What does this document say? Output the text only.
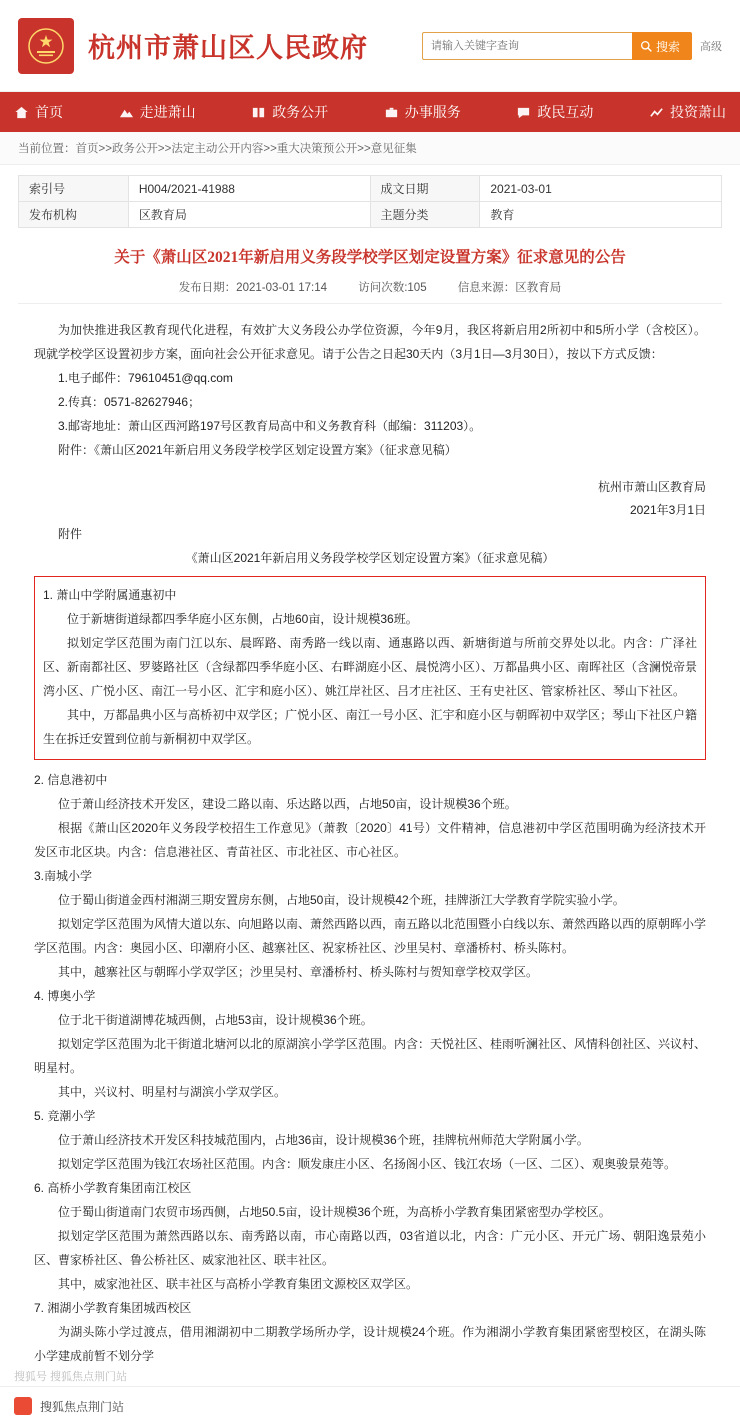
杭州市萧山区人民政府
请输入关键字查询	搜索 高级
首页	走进萧山	政务公开	办事服务	政民互动	投资萧山
当前位置：首页>>政务公开>>法定主动公开内容>>重大决策预公开>>意见征集
索引号	H004/2021-41988	成文日期	2021-03-01
发布机构	区教育局	主题分类	教育
关于《萧山区2021年新启用义务段学校学区划定设置方案》征求意见的公告
发布日期：2021-03-01 17:14	访问次数:105	信息来源：区教育局

为加快推进我区教育现代化进程，有效扩大义务段公办学位资源，今年9月，我区将新启用2所初中和5所小学（含校区）。现就学校学区设置初步方案，面向社会公开征求意见。请于公告之日起30天内（3月1日—3月30日），按以下方式反馈：

1.电子邮件：79610451@qq.com

2.传真：0571-82627946；

3.邮寄地址：萧山区西河路197号区教育局高中和义务教育科（邮编：311203）。

附件：《萧山区2021年新启用义务段学校学区划定设置方案》（征求意见稿）

杭州市萧山区教育局

2021年3月1日

附件

《萧山区2021年新启用义务段学校学区划定设置方案》（征求意见稿）

1. 萧山中学附属通惠初中

位于新塘街道绿都四季华庭小区东侧，占地60亩，设计规模36班。

拟划定学区范围为南门江以东、晨晖路、南秀路一线以南、通惠路以西、新塘街道与所前交界处以北。内含：广泽社区、新南都社区、罗婆路社区（含绿都四季华庭小区、右畔湖庭小区、晨悦湾小区）、万都晶典小区、南晖社区（含澜悦帝景湾小区、广悦小区、南江一号小区、汇宇和庭小区）、姚江岸社区、吕才庄社区、王有史社区、管家桥社区、琴山下社区。

其中，万都晶典小区与高桥初中双学区；广悦小区、南江一号小区、汇宇和庭小区与朝晖初中双学区；琴山下社区户籍生在拆迁安置到位前与新桐初中双学区。

2. 信息港初中

位于萧山经济技术开发区，建设二路以南、乐达路以西，占地50亩，设计规模36个班。

根据《萧山区2020年义务段学校招生工作意见》（萧教〔2020〕41号）文件精神，信息港初中学区范围明确为经济技术开发区市北区块。内含：信息港社区、青苗社区、市北社区、市心社区。

3.南城小学

位于蜀山街道金西村湘湖三期安置房东侧，占地50亩，设计规模42个班，挂牌浙江大学教育学院实验小学。

拟划定学区范围为风情大道以东、向旭路以南、萧然西路以西，南五路以北范围暨小白线以东、萧然西路以西的原朝晖小学学区范围。内含：奥园小区、印潮府小区、越寨社区、祝家桥社区、沙里吴村、章潘桥村、桥头陈村。

其中，越寨社区与朝晖小学双学区；沙里吴村、章潘桥村、桥头陈村与贺知章学校双学区。

4. 博奥小学

位于北干街道湖博花城西侧，占地53亩，设计规模36个班。

拟划定学区范围为北干街道北塘河以北的原湖滨小学学区范围。内含：天悦社区、桂雨听澜社区、风情科创社区、兴议村、明星村。

其中，兴议村、明星村与湖滨小学双学区。

5. 竞潮小学

位于萧山经济技术开发区科技城范围内，占地36亩，设计规模36个班，挂牌杭州师范大学附属小学。

拟划定学区范围为钱江农场社区范围。内含：顺发康庄小区、名扬阁小区、钱江农场（一区、二区）、观奥骏景苑等。

6. 高桥小学教育集团南江校区

位于蜀山街道南门农贸市场西侧，占地50.5亩，设计规模36个班，为高桥小学教育集团紧密型办学校区。

拟划定学区范围为萧然西路以东、南秀路以南，市心南路以西，03省道以北，内含：广元小区、开元广场、朝阳逸景苑小区、曹家桥社区、鲁公桥社区、威家池社区、联丰社区。

其中，威家池社区、联丰社区与高桥小学教育集团文源校区双学区。

7. 湘湖小学教育集团城西校区

为湖头陈小学过渡点，借用湘湖初中二期教学场所办学，设计规模24个班。作为湘湖小学教育集团紧密型校区，在湖头陈小学建成前暂不划分学

搜狐号 搜狐焦点荆门站
搜狐焦点荆门站
